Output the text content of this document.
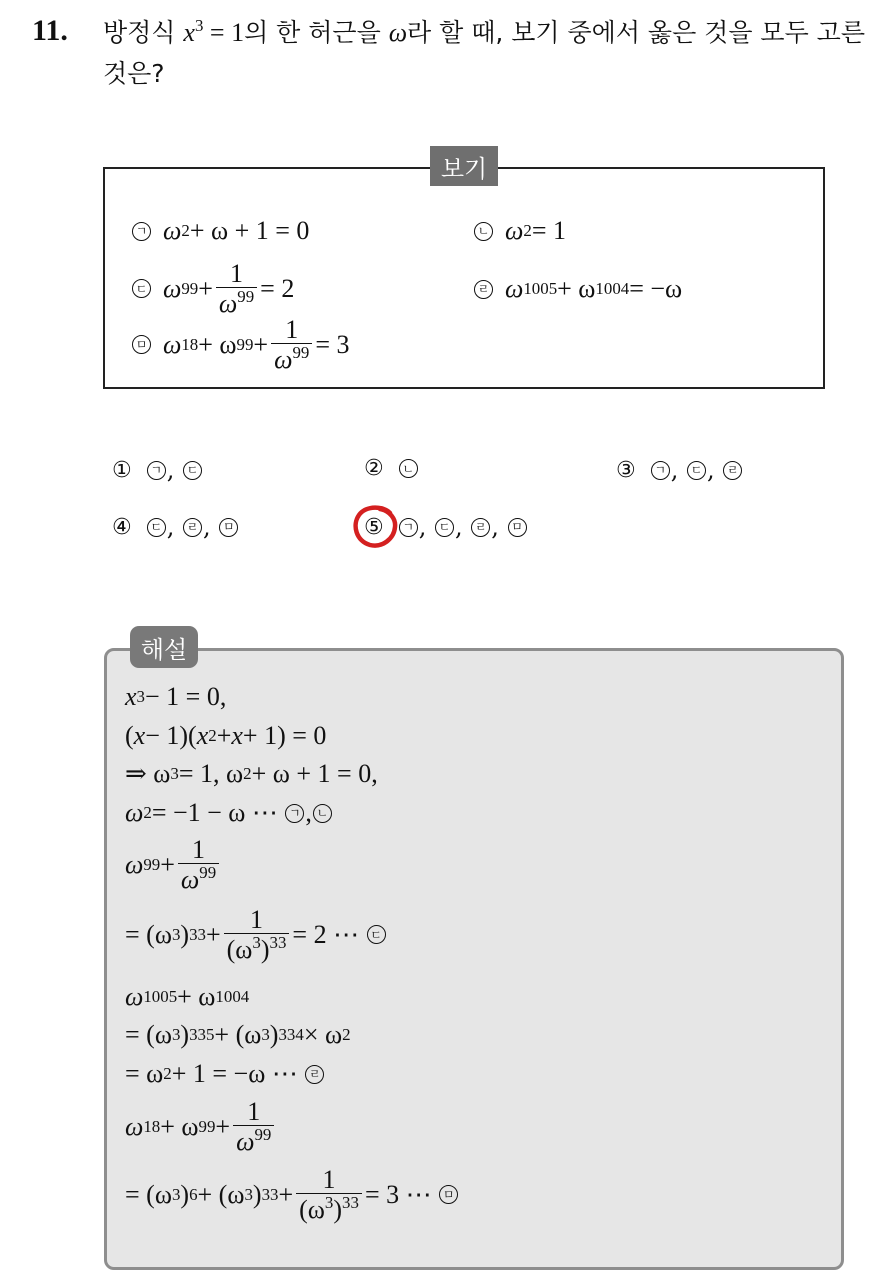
11. 방정식 $x^3 = 1$의 한 허근을 ω라 할 때, 보기 중에서 옳은 것을 모두 고른 것은?
보기
ㄱ ω 2 + ω + 1 = 0	ㄴ ω 2 = 1
ㄷ ω $99 + \frac{1}{\omega^{99}} = 2$	ㄹ ω 1005 + ω 1004 = −ω
ㅁ ω 18 + ω $99 + \frac{1}{\omega^{99}} = 3$
①	ㄱ , ㄷ	②	ㄴ	③	ㄱ , ㄷ , ㄹ
④	ㄷ , ㄹ , ㅁ	⑤	ㄱ , ㄷ , ㄹ , ㅁ
해설
x 3 − 1 = 0,
( x − 1)( x 2 + x + 1) = 0
⇒ ω 3 = 1, ω 2 + ω + 1 = 0,
ω 2 = −1 − ω ⋯
ㄱ , ㄴ
ω $99 + \frac{1}{\omega^{99}}$
= (ω 3 ) $33 + \frac{1}{(\omega^3)^{33}} = 2$ ⋯
ㄷ
ω 1005 + ω 1004
= (ω 3 ) 335 + (ω 3 ) 334 × ω 2
= ω 2 + 1 = −ω ⋯
ㄹ
ω 18 + ω $99 + \frac{1}{\omega^{99}}$
= (ω 3 ) 6 + (ω 3 ) $33 + \frac{1}{(\omega^3)^{33}} = 3$ ⋯
ㅁ
